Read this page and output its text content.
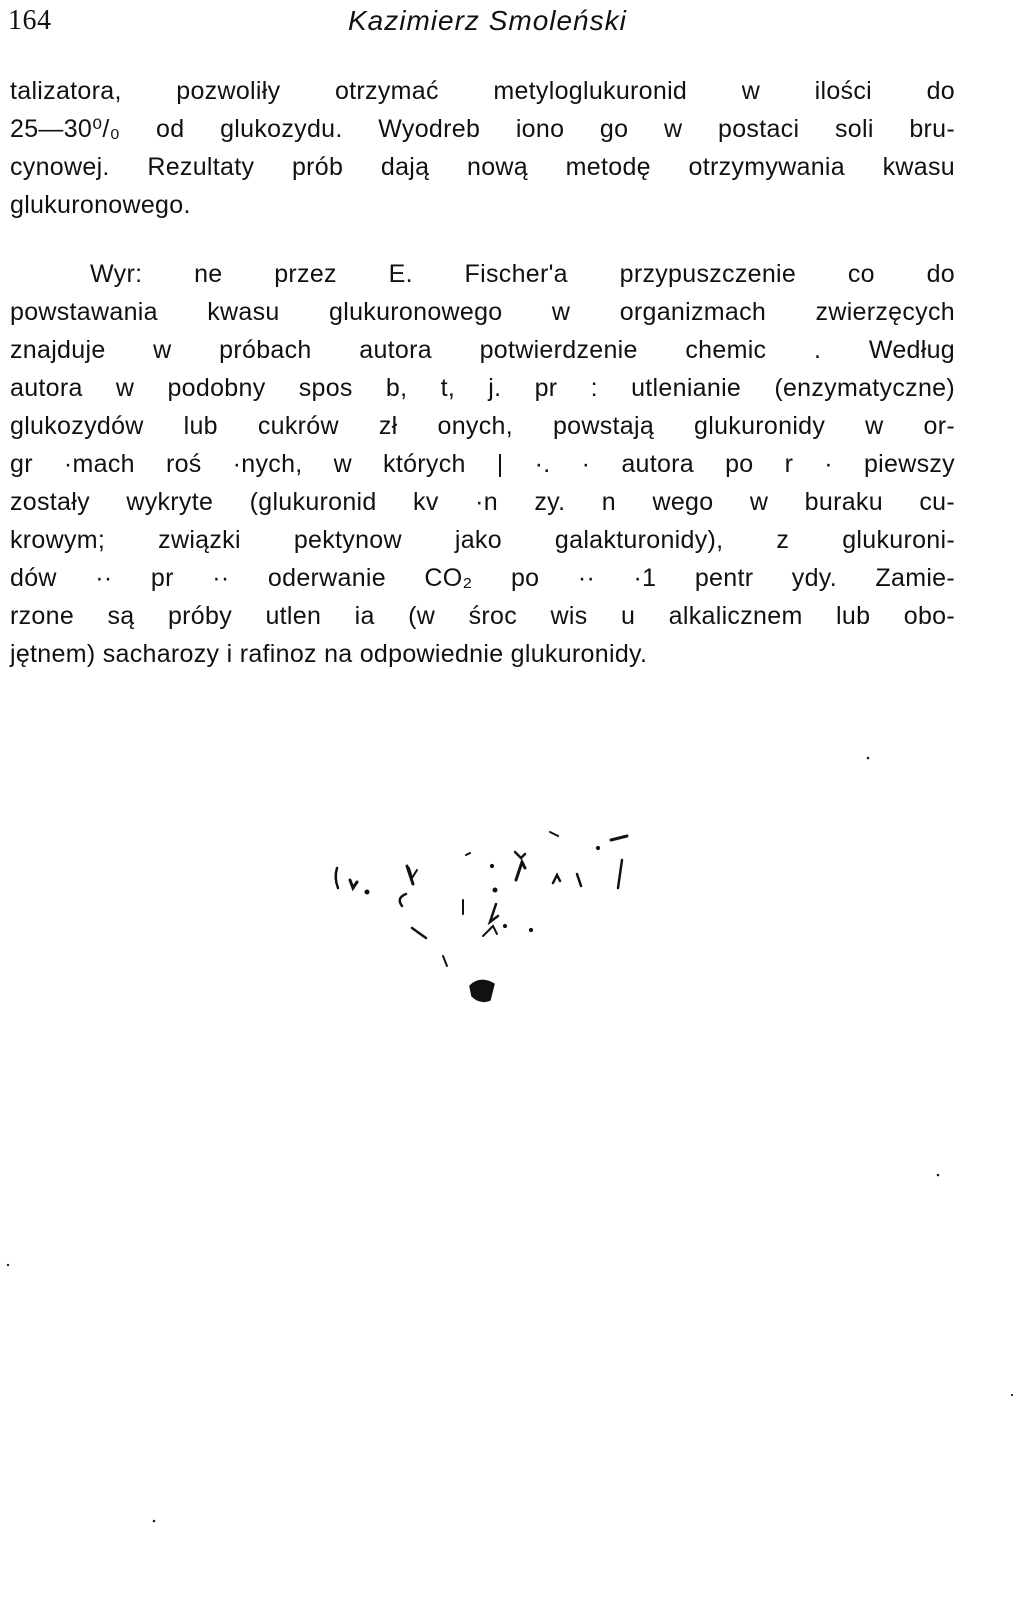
164	Kazimierz Smoleński

talizatora, pozwoliły otrzymać metyloglukuronid w ilości do
25—30⁰/₀ od glukozydu. Wyodreb iono go w postaci soli bru-
cynowej. Rezultaty prób dają nową metodę otrzymywania kwasu
glukuronowego.

Wyr: ne przez E. Fischer'a przypuszczenie co do
powstawania kwasu glukuronowego w organizmach zwierzęcych
znajduje w próbach autora potwierdzenie chemic . Według
autora w podobny spos b, t, j. pr : utlenianie (enzymatyczne)
glukozydów lub cukrów zł onych, powstają glukuronidy w or-
gr ·mach roś ·nych, w których | ·. · autora po r · piewszy
zostały wykryte (glukuronid kv ·n zy. n wego w buraku cu-
krowym; związki pektynow jako galakturonidy), z glukuroni-
dów ·· pr ·· oderwanie CO₂ po ·· ·1 pentr ydy. Zamie-
rzone są próby utlen ia (w śroc wis u alkalicznem lub obo-
jętnem) sacharozy i rafinoz na odpowiednie glukuronidy.
